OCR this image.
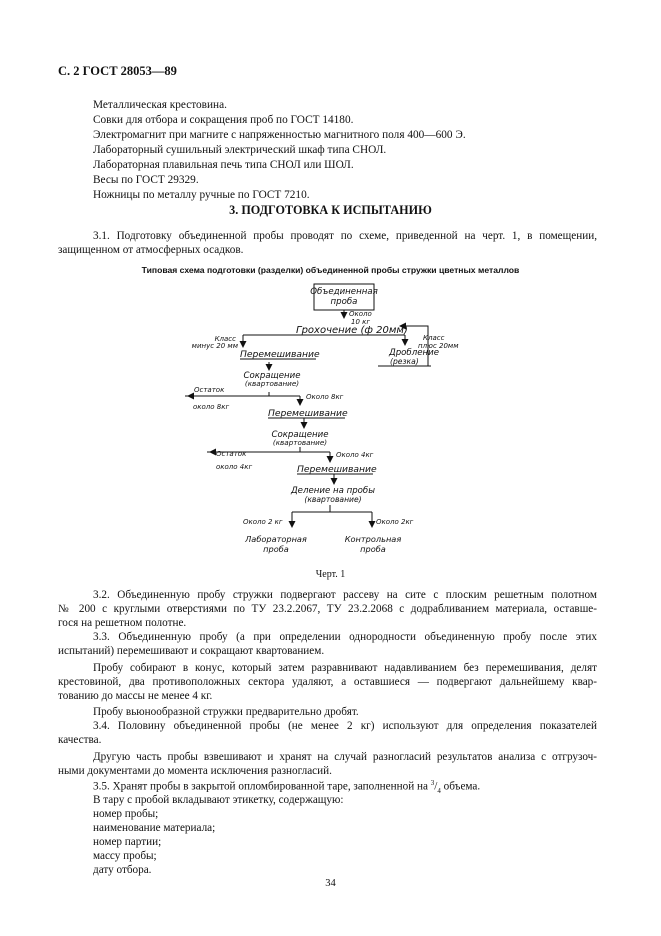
С. 2 ГОСТ 28053—89
Металлическая крестовина.
Совки для отбора и сокращения проб по ГОСТ 14180.
Электромагнит при магните с напряженностью магнитного поля 400—600 Э.
Лабораторный сушильный электрический шкаф типа СНОЛ.
Лабораторная плавильная печь типа СНОЛ или ШОЛ.
Весы по ГОСТ 29329.
Ножницы по металлу ручные по ГОСТ 7210.
3. ПОДГОТОВКА К ИСПЫТАНИЮ
3.1. Подготовку объединенной пробы проводят по схеме, приведенной на черт. 1, в помещении,
защищенном от атмосферных осадков.
Типовая схема подготовки (разделки) объединенной пробы стружки цветных металлов
Объединенная
проба
Около
10 кг
Грохочение (ф 20мм)
Класс
минус 20 мм
Класс
плюс 20мм
Дробление
(резка)
Перемешивание
Сокращение
(квартование)
Остаток
около 8кг
Около 8кг
Перемешивание
Сокращение
(квартование)
Остаток
около 4кг
Около 4кг
Перемешивание
Деление на пробы
(квартование)
Около 2 кг	Около 2кг
Лабораторная
проба
Контрольная
проба
Черт. 1
3.2. Объединенную пробу стружки подвергают рассеву на сите с плоским решетным полотном
№ 200 с круглыми отверстиями по ТУ 23.2.2067, ТУ 23.2.2068 с додрабливанием материала, оставше-
гося на решетном полотне.
3.3. Объединенную пробу (а при определении однородности объединенную пробу после этих
испытаний) перемешивают и сокращают квартованием.
Пробу собирают в конус, который затем разравнивают надавливанием без перемешивания, делят
крестовиной, два противоположных сектора удаляют, а оставшиеся — подвергают дальнейшему квар-
тованию до массы не менее 4 кг.
Пробу вьюнообразной стружки предварительно дробят.
3.4. Половину объединенной пробы (не менее 2 кг) используют для определения показателей
качества.
Другую часть пробы взвешивают и хранят на случай разногласий результатов анализа с отгрузоч-
ными документами до момента исключения разногласий.
3.5. Хранят пробы в закрытой опломбированной таре, заполненной на $^3/_4$ объема.
В тару с пробой вкладывают этикетку, содержащую:
номер пробы;
наименование материала;
номер партии;
массу пробы;
дату отбора.
34
